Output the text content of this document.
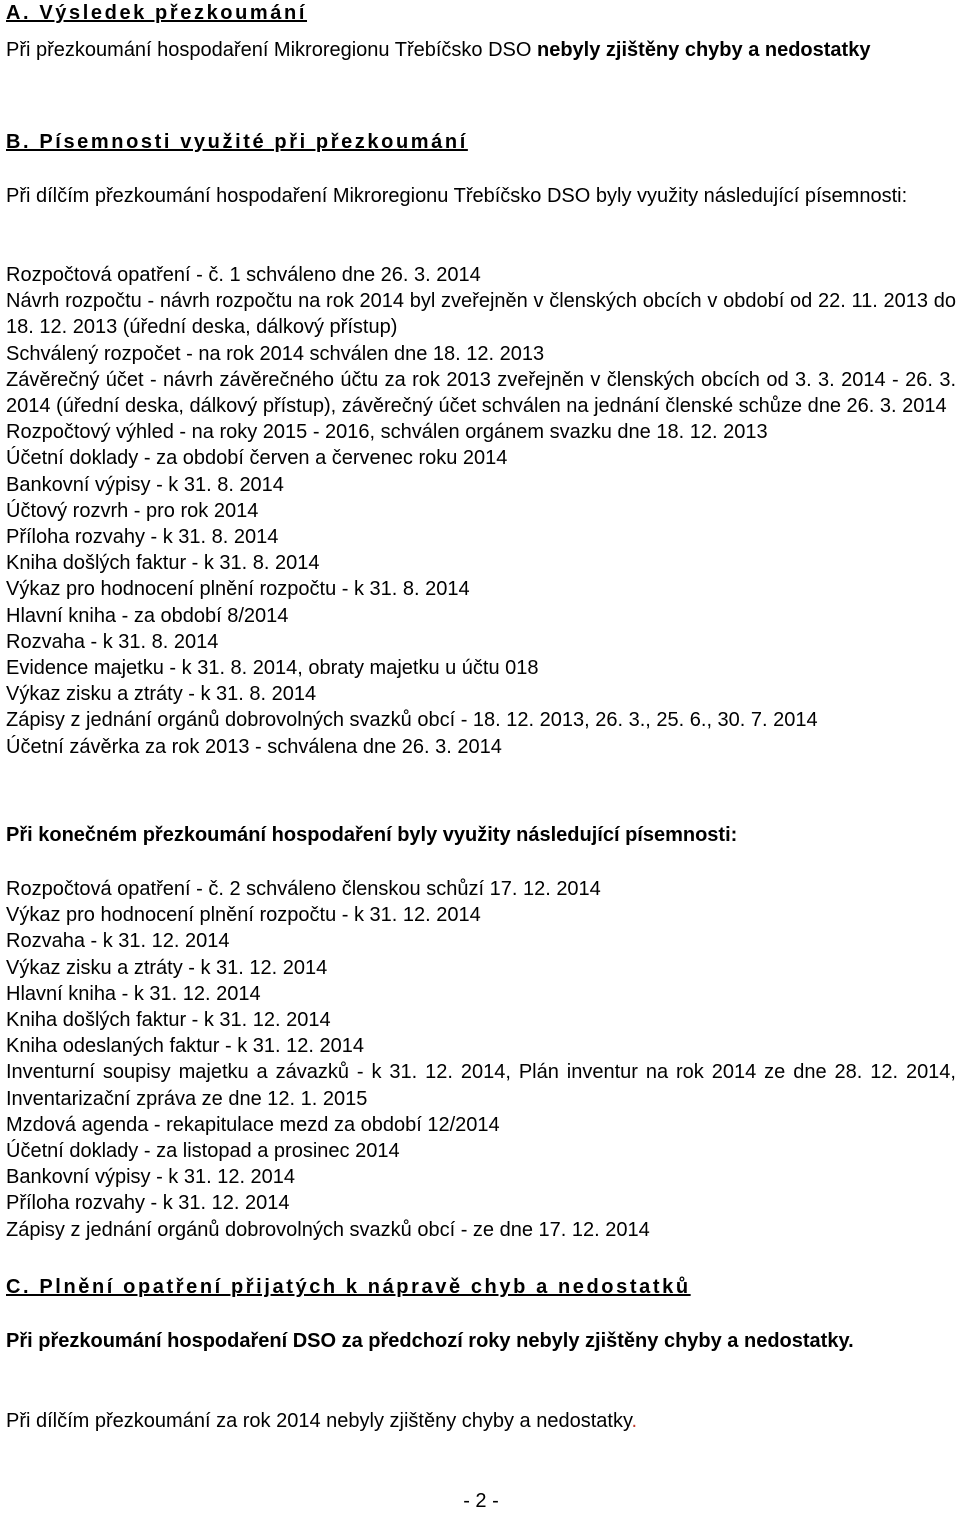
A. Výsledek přezkoumání
Při přezkoumání hospodaření Mikroregionu Třebíčsko DSO nebyly zjištěny chyby a nedostatky
B. Písemnosti využité při přezkoumání
Při dílčím přezkoumání hospodaření Mikroregionu Třebíčsko DSO byly využity následující písemnosti:
Rozpočtová opatření - č. 1 schváleno dne 26. 3. 2014
Návrh rozpočtu - návrh rozpočtu na rok 2014 byl zveřejněn v členských obcích v období od 22. 11. 2013 do 18. 12. 2013 (úřední deska, dálkový přístup)
Schválený rozpočet - na rok 2014 schválen dne 18. 12. 2013
Závěrečný účet - návrh závěrečného účtu za rok 2013 zveřejněn v členských obcích od 3. 3. 2014 - 26. 3. 2014 (úřední deska, dálkový přístup), závěrečný účet schválen na jednání členské schůze dne 26. 3. 2014
Rozpočtový výhled - na roky 2015 - 2016, schválen orgánem svazku dne 18. 12. 2013
Účetní doklady - za období červen a červenec roku 2014
Bankovní výpisy - k 31. 8. 2014
Účtový rozvrh - pro rok 2014
Příloha rozvahy - k 31. 8. 2014
Kniha došlých faktur - k 31. 8. 2014
Výkaz pro hodnocení plnění rozpočtu - k 31. 8. 2014
Hlavní kniha - za období 8/2014
Rozvaha - k 31. 8. 2014
Evidence majetku - k 31. 8. 2014, obraty majetku u účtu 018
Výkaz zisku a ztráty - k 31. 8. 2014
Zápisy z jednání orgánů dobrovolných svazků obcí - 18. 12. 2013, 26. 3., 25. 6., 30. 7. 2014
Účetní závěrka za rok 2013 - schválena dne 26. 3. 2014
Při konečném přezkoumání hospodaření byly využity následující písemnosti:
Rozpočtová opatření - č. 2 schváleno členskou schůzí 17. 12. 2014
Výkaz pro hodnocení plnění rozpočtu - k 31. 12. 2014
Rozvaha - k 31. 12. 2014
Výkaz zisku a ztráty - k 31. 12. 2014
Hlavní kniha - k 31. 12. 2014
Kniha došlých faktur - k 31. 12. 2014
Kniha odeslaných faktur - k 31. 12. 2014
Inventurní soupisy majetku a závazků - k 31. 12. 2014, Plán inventur na rok 2014 ze dne 28. 12. 2014, Inventarizační zpráva ze dne 12. 1. 2015
Mzdová agenda - rekapitulace mezd za období 12/2014
Účetní doklady - za listopad a prosinec 2014
Bankovní výpisy - k 31. 12. 2014
Příloha rozvahy - k 31. 12. 2014
Zápisy z jednání orgánů dobrovolných svazků obcí - ze dne 17. 12. 2014
C. Plnění opatření přijatých k nápravě chyb a nedostatků
Při přezkoumání hospodaření DSO za předchozí roky nebyly zjištěny chyby a nedostatky.
Při dílčím přezkoumání za rok 2014 nebyly zjištěny chyby a nedostatky.
- 2 -
